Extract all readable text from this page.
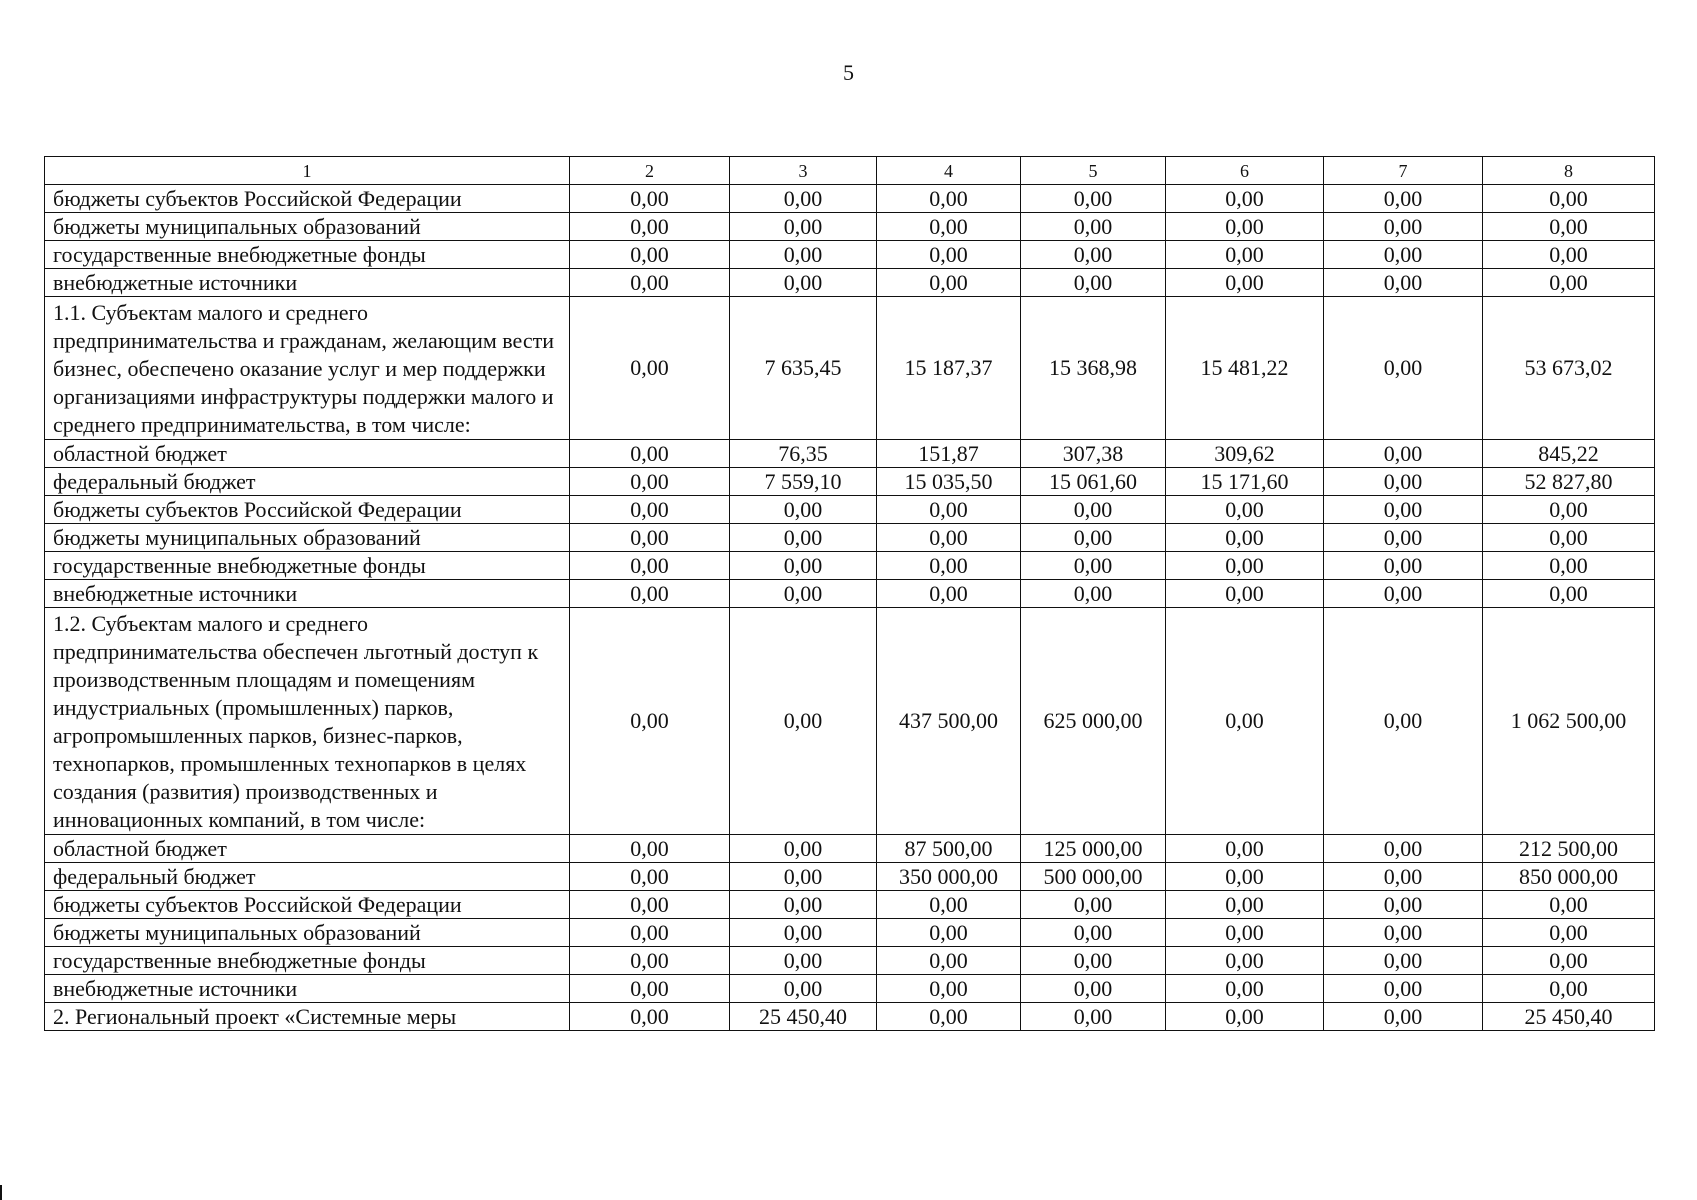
5
1	2	3	4	5	6	7	8
бюджеты субъектов Российской Федерации	0,00	0,00	0,00	0,00	0,00	0,00	0,00
бюджеты муниципальных образований	0,00	0,00	0,00	0,00	0,00	0,00	0,00
государственные внебюджетные фонды	0,00	0,00	0,00	0,00	0,00	0,00	0,00
внебюджетные источники	0,00	0,00	0,00	0,00	0,00	0,00	0,00
1.1. Субъектам малого и среднего предпринимательства и гражданам, желающим вести бизнес, обеспечено оказание услуг и мер поддержки организациями инфраструктуры поддержки малого и среднего предпринимательства, в том числе:	0,00	7 635,45	15 187,37	15 368,98	15 481,22	0,00	53 673,02
областной бюджет	0,00	76,35	151,87	307,38	309,62	0,00	845,22
федеральный бюджет	0,00	7 559,10	15 035,50	15 061,60	15 171,60	0,00	52 827,80
бюджеты субъектов Российской Федерации	0,00	0,00	0,00	0,00	0,00	0,00	0,00
бюджеты муниципальных образований	0,00	0,00	0,00	0,00	0,00	0,00	0,00
государственные внебюджетные фонды	0,00	0,00	0,00	0,00	0,00	0,00	0,00
внебюджетные источники	0,00	0,00	0,00	0,00	0,00	0,00	0,00
1.2. Субъектам малого и среднего предпринимательства обеспечен льготный доступ к производственным площадям и помещениям индустриальных (промышленных) парков, агропромышленных парков, бизнес-парков, технопарков, промышленных технопарков в целях создания (развития) производственных и инновационных компаний, в том числе:	0,00	0,00	437 500,00	625 000,00	0,00	0,00	1 062 500,00
областной бюджет	0,00	0,00	87 500,00	125 000,00	0,00	0,00	212 500,00
федеральный бюджет	0,00	0,00	350 000,00	500 000,00	0,00	0,00	850 000,00
бюджеты субъектов Российской Федерации	0,00	0,00	0,00	0,00	0,00	0,00	0,00
бюджеты муниципальных образований	0,00	0,00	0,00	0,00	0,00	0,00	0,00
государственные внебюджетные фонды	0,00	0,00	0,00	0,00	0,00	0,00	0,00
внебюджетные источники	0,00	0,00	0,00	0,00	0,00	0,00	0,00
2. Региональный проект «Системные меры	0,00	25 450,40	0,00	0,00	0,00	0,00	25 450,40
